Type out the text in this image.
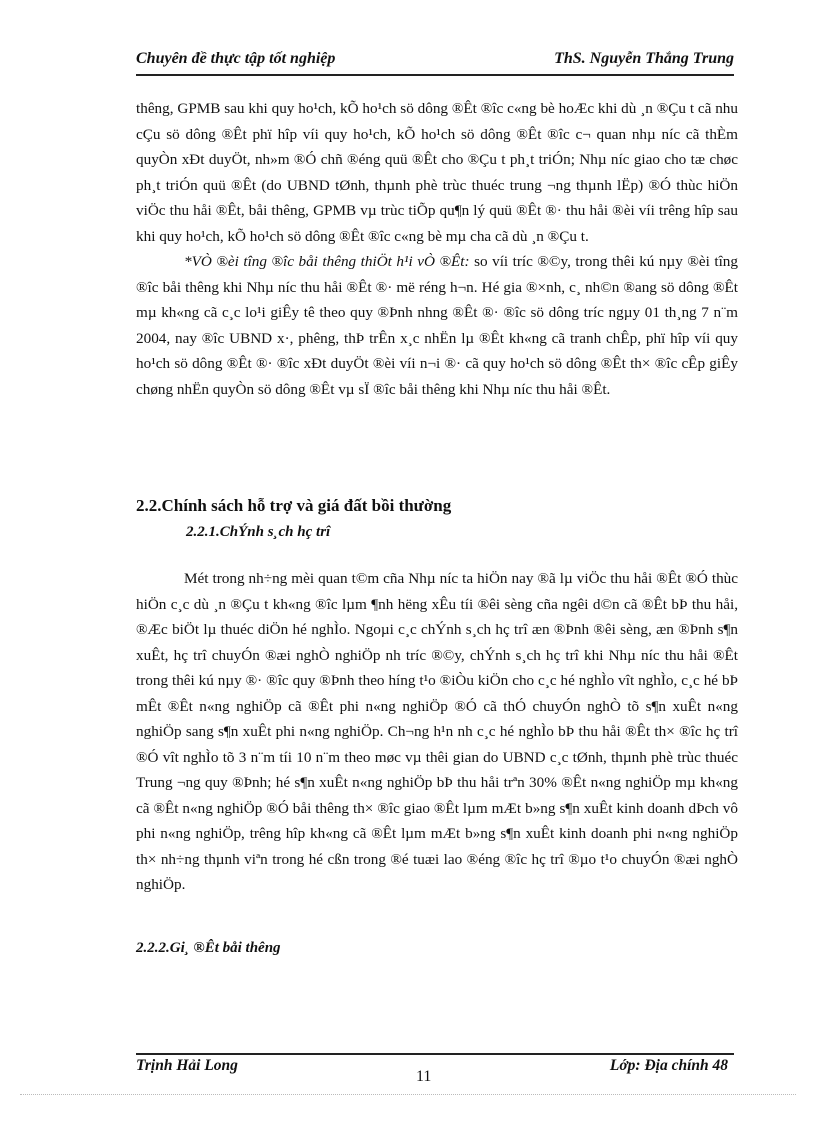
Chuyên đề thực tập tốt nghiệp	ThS. Nguyễn Thắng Trung

thêng, GPMB sau khi quy ho¹ch, kÕ ho¹ch sö dông ®Êt ®îc c«ng bè hoÆc khi dù ¸n ®Çu t cã nhu cÇu sö dông ®Êt phï hîp víi quy ho¹ch, kÕ ho¹ch sö dông ®Êt ®îc c¬ quan nhµ níc cã thÈm quyÒn xÐt duyÖt, nh»m ®Ó chñ ®éng quü ®Êt cho ®Çu t ph¸t triÓn; Nhµ níc giao cho tæ chøc ph¸t triÓn quü ®Êt (do UBND tØnh, thµnh phè trùc thuéc trung ¬ng thµnh lËp) ®Ó thùc hiÖn viÖc thu håi ®Êt, båi thêng, GPMB vµ trùc tiÕp qu¶n lý quü ®Êt ®· thu håi ®èi víi trêng hîp sau khi quy ho¹ch, kÕ ho¹ch sö dông ®Êt ®îc c«ng bè mµ cha cã dù ¸n ®Çu t.

*VÒ ®èi tîng ®îc båi thêng thiÖt h¹i vÒ ®Êt: so víi tríc ®©y, trong thêi kú nµy ®èi tîng ®îc båi thêng khi Nhµ níc thu håi ®Êt ®· më réng h¬n. Hé gia ®×nh, c¸ nh©n ®ang sö dông ®Êt mµ kh«ng cã c¸c lo¹i giÊy tê theo quy ®Þnh nhng ®Êt ®· ®îc sö dông tríc ngµy 01 th¸ng 7 n¨m 2004, nay ®îc UBND x·, phêng, thÞ trÊn x¸c nhËn lµ ®Êt kh«ng cã tranh chÊp, phï hîp víi quy ho¹ch sö dông ®Êt ®· ®îc xÐt duyÖt ®èi víi n¬i ®· cã quy ho¹ch sö dông ®Êt th× ®îc cÊp giÊy chøng nhËn quyÒn sö dông ®Êt vµ sÏ ®îc båi thêng khi Nhµ níc thu håi ®Êt.

2.2.Chính sách hỗ trợ và giá đất bồi thường
2.2.1.ChÝnh s¸ch hç trî

Mét trong nh÷ng mèi quan t©m cña Nhµ níc ta hiÖn nay ®ã lµ viÖc thu håi ®Êt ®Ó thùc hiÖn c¸c dù ¸n ®Çu t kh«ng ®îc lµm ¶nh hëng xÊu tíi ®êi sèng cña ngêi d©n cã ®Êt bÞ thu håi, ®Æc biÖt lµ thuéc diÖn hé nghÌo. Ngoµi c¸c chÝnh s¸ch hç trî æn ®Þnh ®êi sèng, æn ®Þnh s¶n xuÊt, hç trî chuyÓn ®æi nghÒ nghiÖp nh tríc ®©y, chÝnh s¸ch hç trî khi Nhµ níc thu håi ®Êt trong thêi kú nµy ®· ®îc quy ®Þnh theo híng t¹o ®iÒu kiÖn cho c¸c hé nghÌo vît nghÌo, c¸c hé bÞ mÊt ®Êt n«ng nghiÖp cã ®Êt phi n«ng nghiÖp ®Ó cã thÓ chuyÓn nghÒ tõ s¶n xuÊt n«ng nghiÖp sang s¶n xuÊt phi n«ng nghiÖp. Ch¬ng h¹n nh c¸c hé nghÌo bÞ thu håi ®Êt th× ®îc hç trî ®Ó vît nghÌo tõ 3 n¨m tíi 10 n¨m theo møc vµ thêi gian do UBND c¸c tØnh, thµnh phè trùc thuéc Trung ¬ng quy ®Þnh; hé s¶n xuÊt n«ng nghiÖp bÞ thu håi trªn 30% ®Êt n«ng nghiÖp mµ kh«ng cã ®Êt n«ng nghiÖp ®Ó båi thêng th× ®îc giao ®Êt lµm mÆt b»ng s¶n xuÊt kinh doanh dÞch vô phi n«ng nghiÖp, trêng hîp kh«ng cã ®Êt lµm mÆt b»ng s¶n xuÊt kinh doanh phi n«ng nghiÖp th× nh÷ng thµnh viªn trong hé cßn trong ®é tuæi lao ®éng ®îc hç trî ®µo t¹o chuyÓn ®æi nghÒ nghiÖp.

2.2.2.Gi¸ ®Êt båi thêng
Trịnh Hải Long	Lớp: Địa chính 48
11
